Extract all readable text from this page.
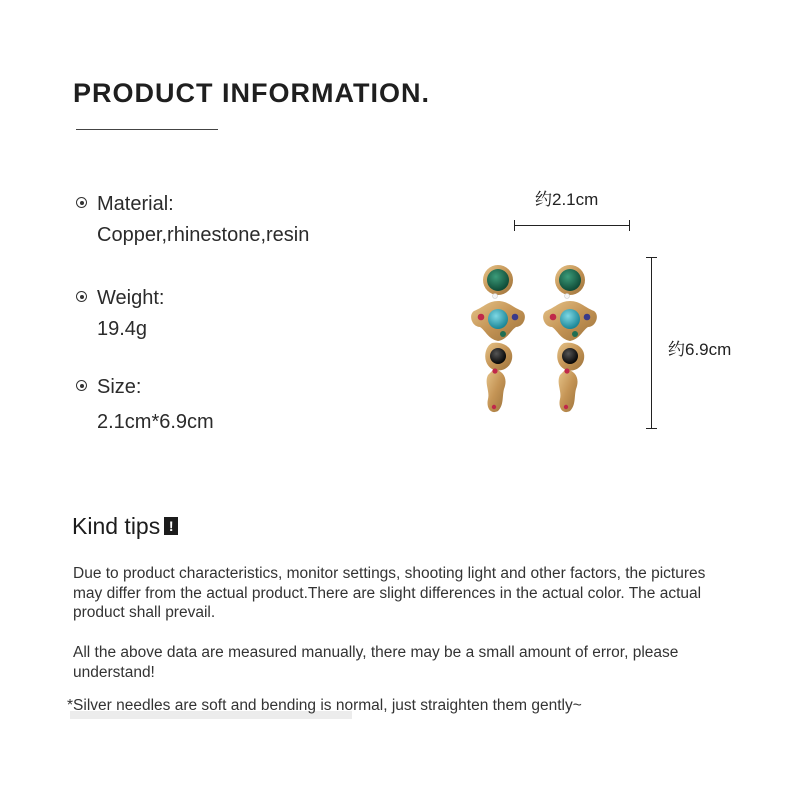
PRODUCT INFORMATION.
Material:
Copper,rhinestone,resin
Weight:
19.4g
Size:
2.1cm*6.9cm
约2.1cm
约6.9cm
Kind tips !
Due to product characteristics, monitor settings, shooting light and other factors, the pictures may differ from the actual product.There are slight differences in the actual color. The actual product shall prevail.
All the above data are measured manually, there may be a small amount of error, please understand!
*Silver needles are soft and bending is normal, just straighten them gently~
